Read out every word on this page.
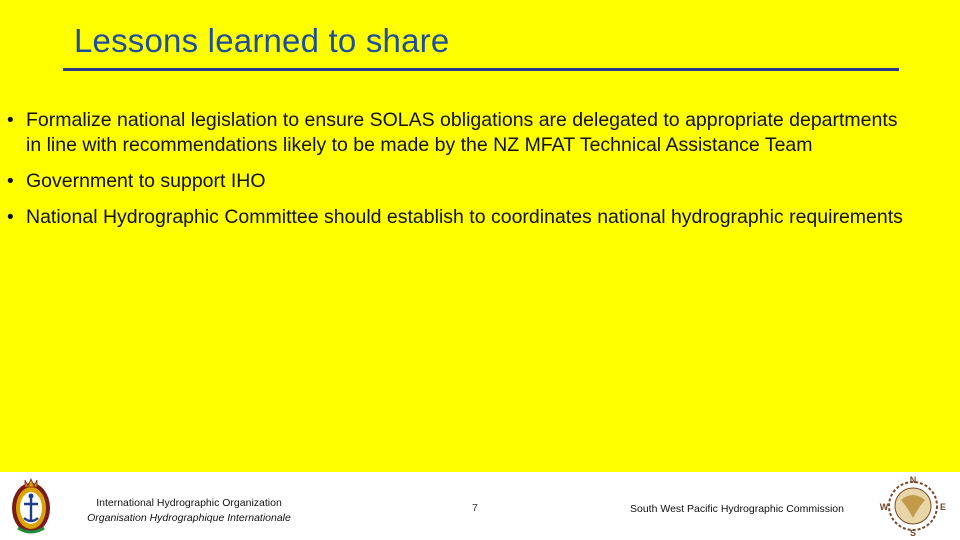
Lessons learned to share
• Formalize national legislation to ensure SOLAS obligations are delegated to appropriate departments in line with recommendations likely to be made by the NZ MFAT Technical Assistance Team
• Government to support IHO
• National Hydrographic Committee should establish to coordinates national hydrographic requirements
International Hydrographic Organization
Organisation Hydrographique Internationale
7	South West Pacific Hydrographic Commission
N
S
W	E
